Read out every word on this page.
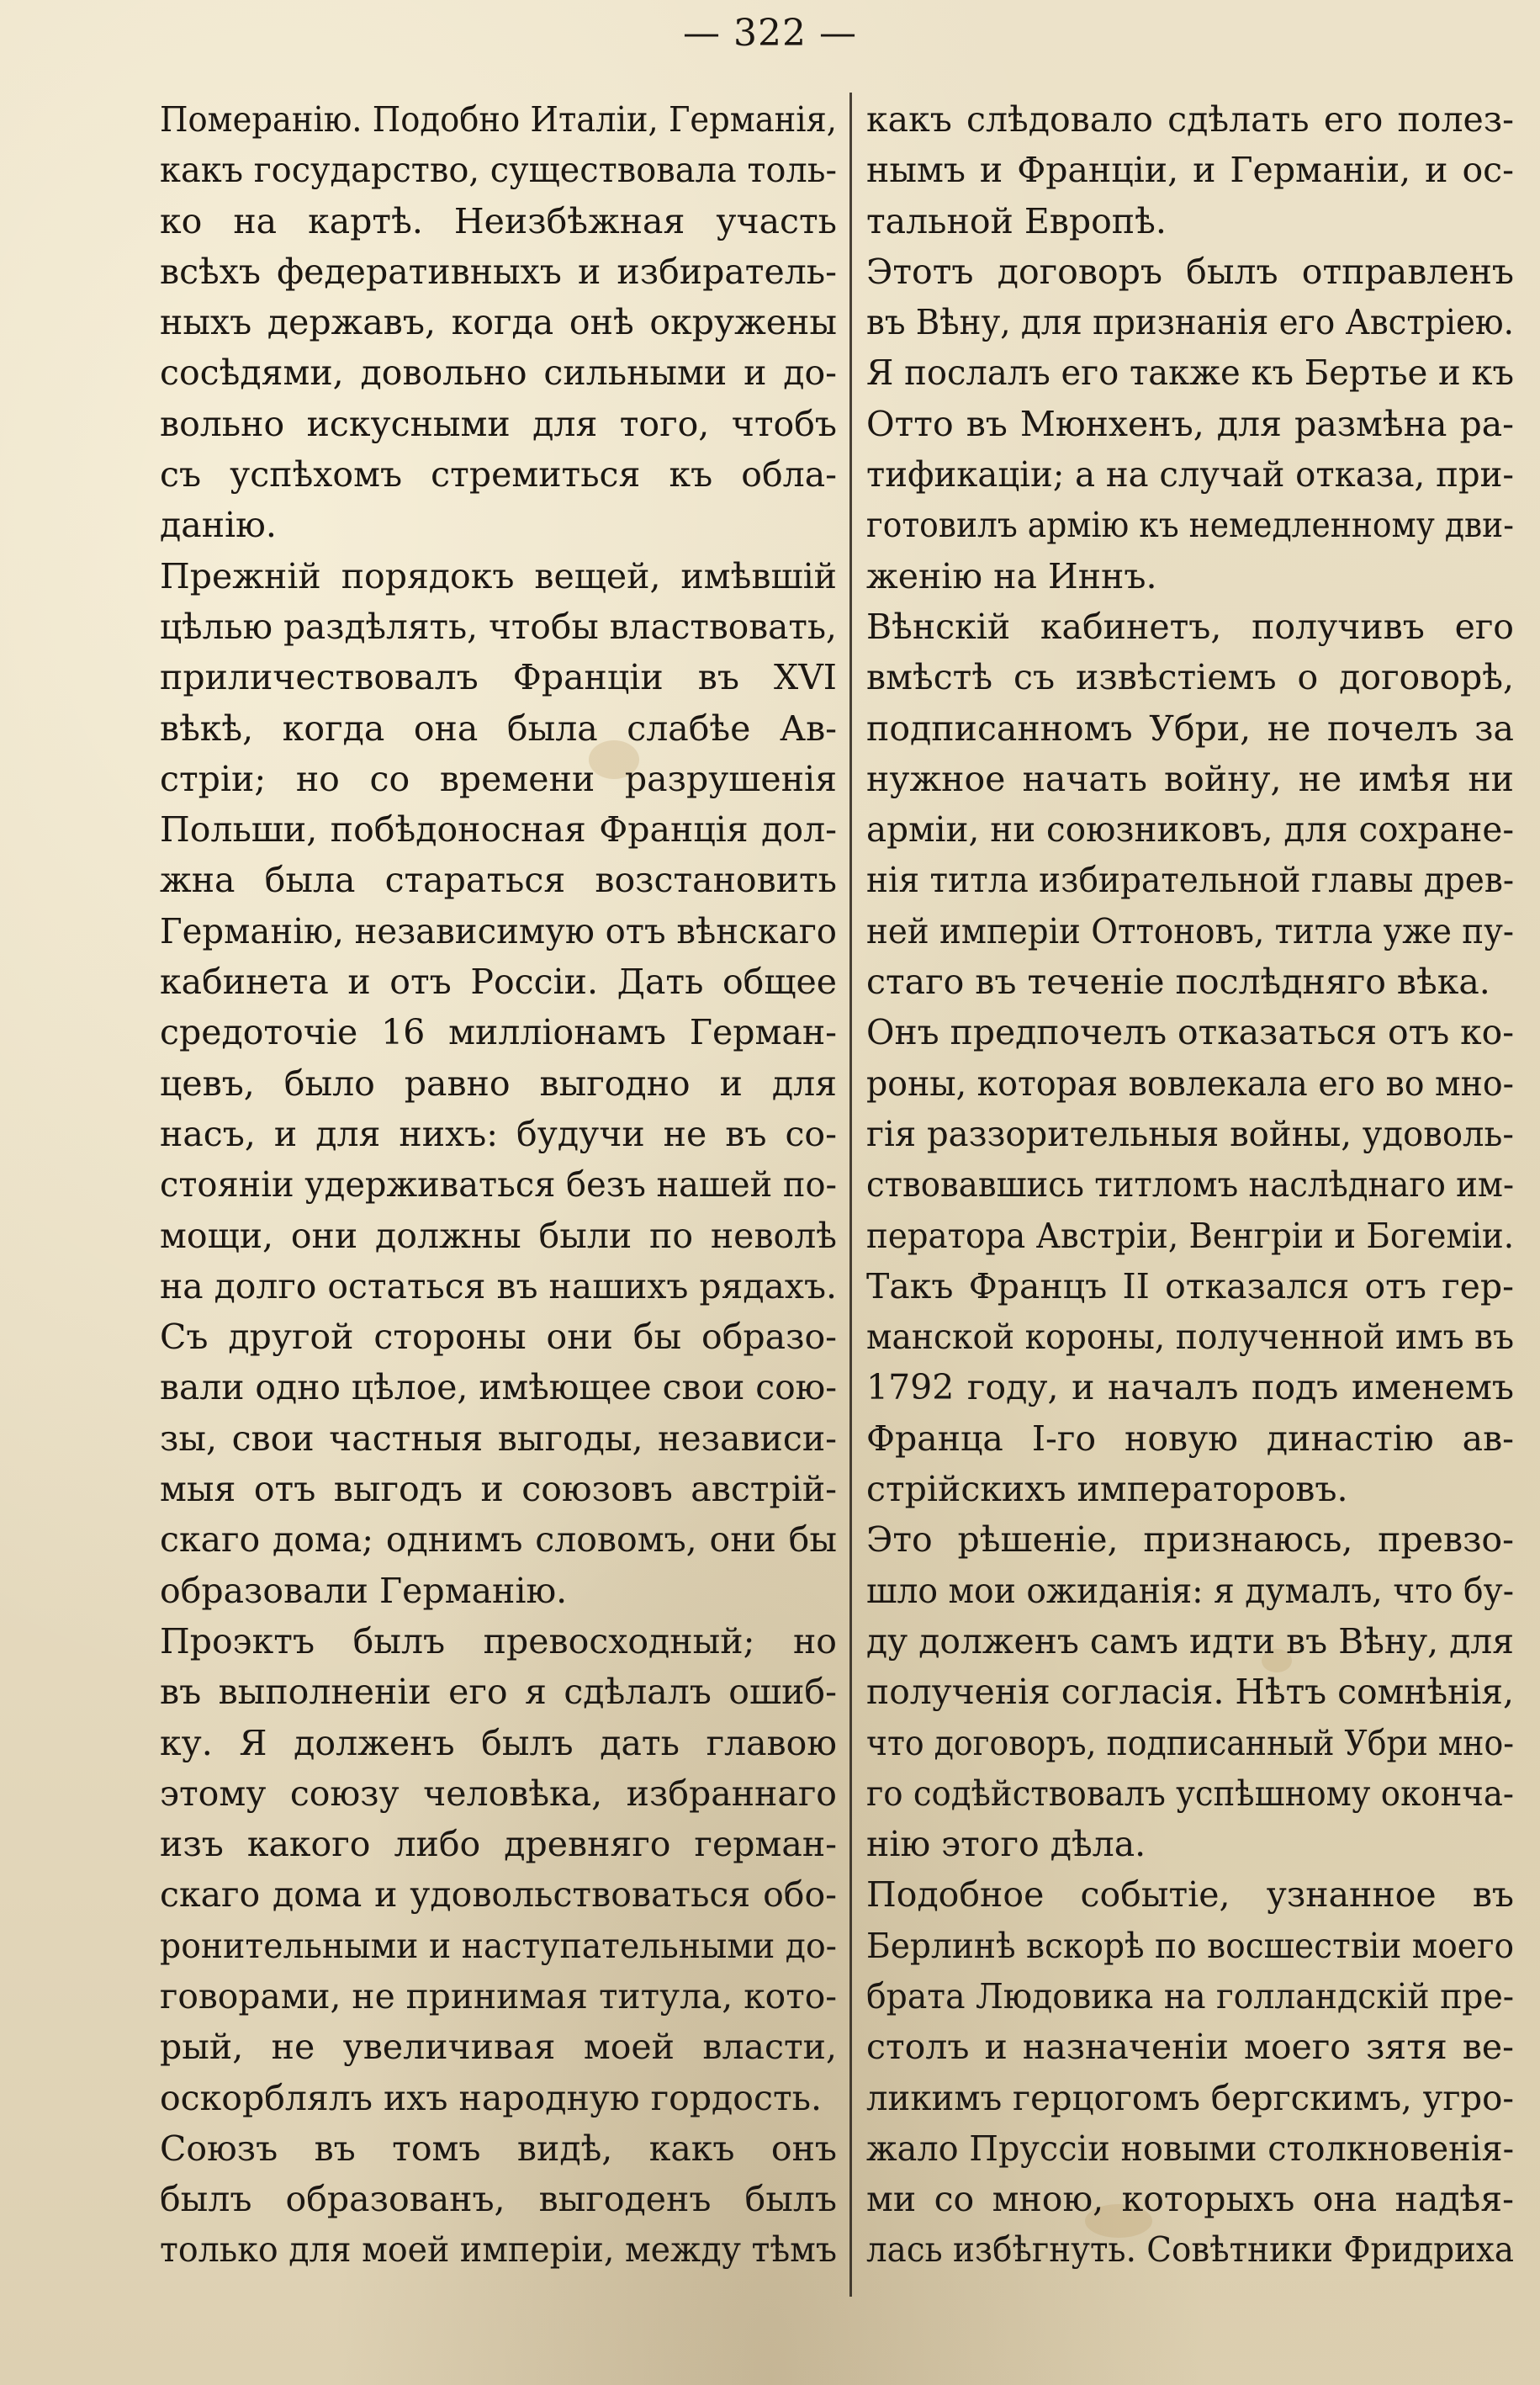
— 322 —
Померанію. Подобно Италіи, Германія,
какъ государство, существовала толь-
ко на картѣ. Неизбѣжная участь
всѣхъ федеративныхъ и избиратель-
ныхъ державъ, когда онѣ окружены
сосѣдями, довольно сильными и до-
вольно искусными для того, чтобъ
съ успѣхомъ стремиться къ обла-
данію.
Прежній порядокъ вещей, имѣвшій
цѣлью раздѣлять, чтобы властвовать,
приличествовалъ Франціи въ XVI
вѣкѣ, когда она была слабѣе Ав-
стріи; но со времени разрушенія
Польши, побѣдоносная Франція дол-
жна была стараться возстановить
Германію, независимую отъ вѣнскаго
кабинета и отъ Россіи. Дать общее
средоточіе 16 милліонамъ Герман-
цевъ, было равно выгодно и для
насъ, и для нихъ: будучи не въ со-
стояніи удерживаться безъ нашей по-
мощи, они должны были по неволѣ
на долго остаться въ нашихъ рядахъ.
Съ другой стороны они бы образо-
вали одно цѣлое, имѣющее свои сою-
зы, свои частныя выгоды, независи-
мыя отъ выгодъ и союзовъ австрій-
скаго дома; однимъ словомъ, они бы
образовали Германію.
Проэктъ былъ превосходный; но
въ выполненіи его я сдѣлалъ ошиб-
ку. Я долженъ былъ дать главою
этому союзу человѣка, избраннаго
изъ какого либо древняго герман-
скаго дома и удовольствоваться обо-
ронительными и наступательными до-
говорами, не принимая титула, кото-
рый, не увеличивая моей власти,
оскорблялъ ихъ народную гордость.
Союзъ въ томъ видѣ, какъ онъ
былъ образованъ, выгоденъ былъ
только для моей имперіи, между тѣмъ
какъ слѣдовало сдѣлать его полез-
нымъ и Франціи, и Германіи, и ос-
тальной Европѣ.
Этотъ договоръ былъ отправленъ
въ Вѣну, для признанія его Австріею.
Я послалъ его также къ Бертье и къ
Отто въ Мюнхенъ, для размѣна ра-
тификаціи; а на случай отказа, при-
готовилъ армію къ немедленному дви-
женію на Иннъ.
Вѣнскій кабинетъ, получивъ его
вмѣстѣ съ извѣстіемъ о договорѣ,
подписанномъ Убри, не почелъ за
нужное начать войну, не имѣя ни
арміи, ни союзниковъ, для сохране-
нія титла избирательной главы древ-
ней имперіи Оттоновъ, титла уже пу-
стаго въ теченіе послѣдняго вѣка.
Онъ предпочелъ отказаться отъ ко-
роны, которая вовлекала его во мно-
гія раззорительныя войны, удоволь-
ствовавшись титломъ наслѣднаго им-
ператора Австріи, Венгріи и Богеміи.
Такъ Францъ II отказался отъ гер-
манской короны, полученной имъ въ
1792 году, и началъ подъ именемъ
Франца I-го новую династію ав-
стрійскихъ императоровъ.
Это рѣшеніе, признаюсь, превзо-
шло мои ожиданія: я думалъ, что бу-
ду долженъ самъ идти въ Вѣну, для
полученія согласія. Нѣтъ сомнѣнія,
что договоръ, подписанный Убри мно-
го содѣйствовалъ успѣшному оконча-
нію этого дѣла.
Подобное событіе, узнанное въ
Берлинѣ вскорѣ по восшествіи моего
брата Людовика на голландскій пре-
столъ и назначеніи моего зятя ве-
ликимъ герцогомъ бергскимъ, угро-
жало Пруссіи новыми столкновенія-
ми со мною, которыхъ она надѣя-
лась избѣгнуть. Совѣтники Фридриха
